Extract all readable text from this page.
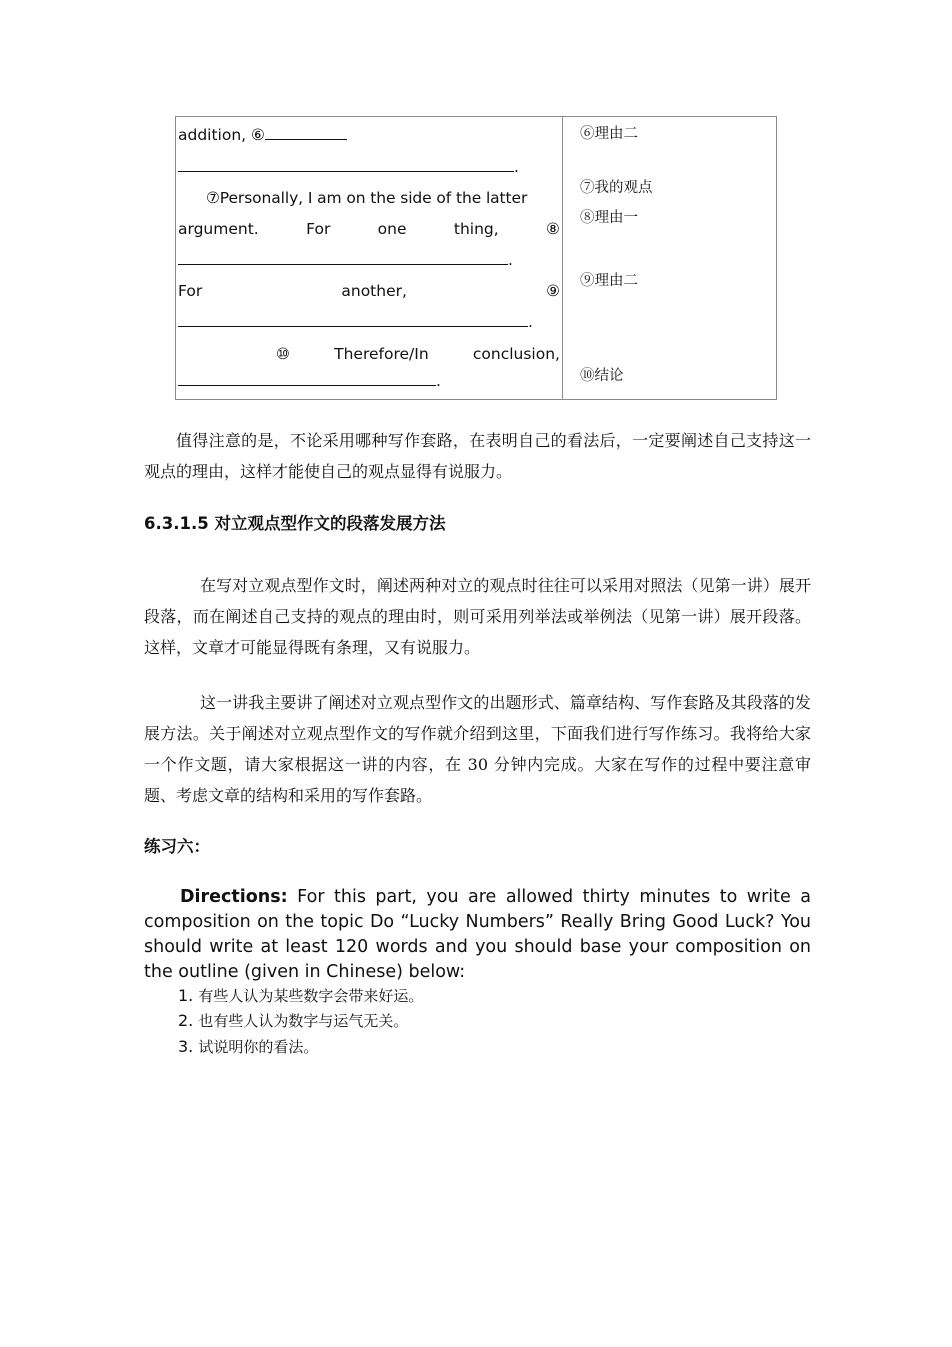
addition, ⑥
.
⑦Personally, I am on the side of the latter
argument.	For	one	thing,	⑧
.
For	another,	⑨
.
⑩	Therefore/In	conclusion,
.
⑥理由二
⑦我的观点
⑧理由一
⑨理由二
⑩结论
值得注意的是，不论采用哪种写作套路，在表明自己的看法后，一定要阐述自己支持这一观点的理由，这样才能使自己的观点显得有说服力。
6.3.1.5 对立观点型作文的段落发展方法
在写对立观点型作文时，阐述两种对立的观点时往往可以采用对照法（见第一讲）展开段落，而在阐述自己支持的观点的理由时，则可采用列举法或举例法（见第一讲）展开段落。这样，文章才可能显得既有条理，又有说服力。
这一讲我主要讲了阐述对立观点型作文的出题形式、篇章结构、写作套路及其段落的发展方法。关于阐述对立观点型作文的写作就介绍到这里，下面我们进行写作练习。我将给大家一个作文题，请大家根据这一讲的内容，在 30 分钟内完成。大家在写作的过程中要注意审题、考虑文章的结构和采用的写作套路。
练习六：
Directions: For this part, you are allowed thirty minutes to write a composition on the topic Do “Lucky Numbers” Really Bring Good Luck? You should write at least 120 words and you should base your composition on the outline (given in Chinese) below:
1. 有些人认为某些数字会带来好运。
2. 也有些人认为数字与运气无关。
3. 试说明你的看法。
